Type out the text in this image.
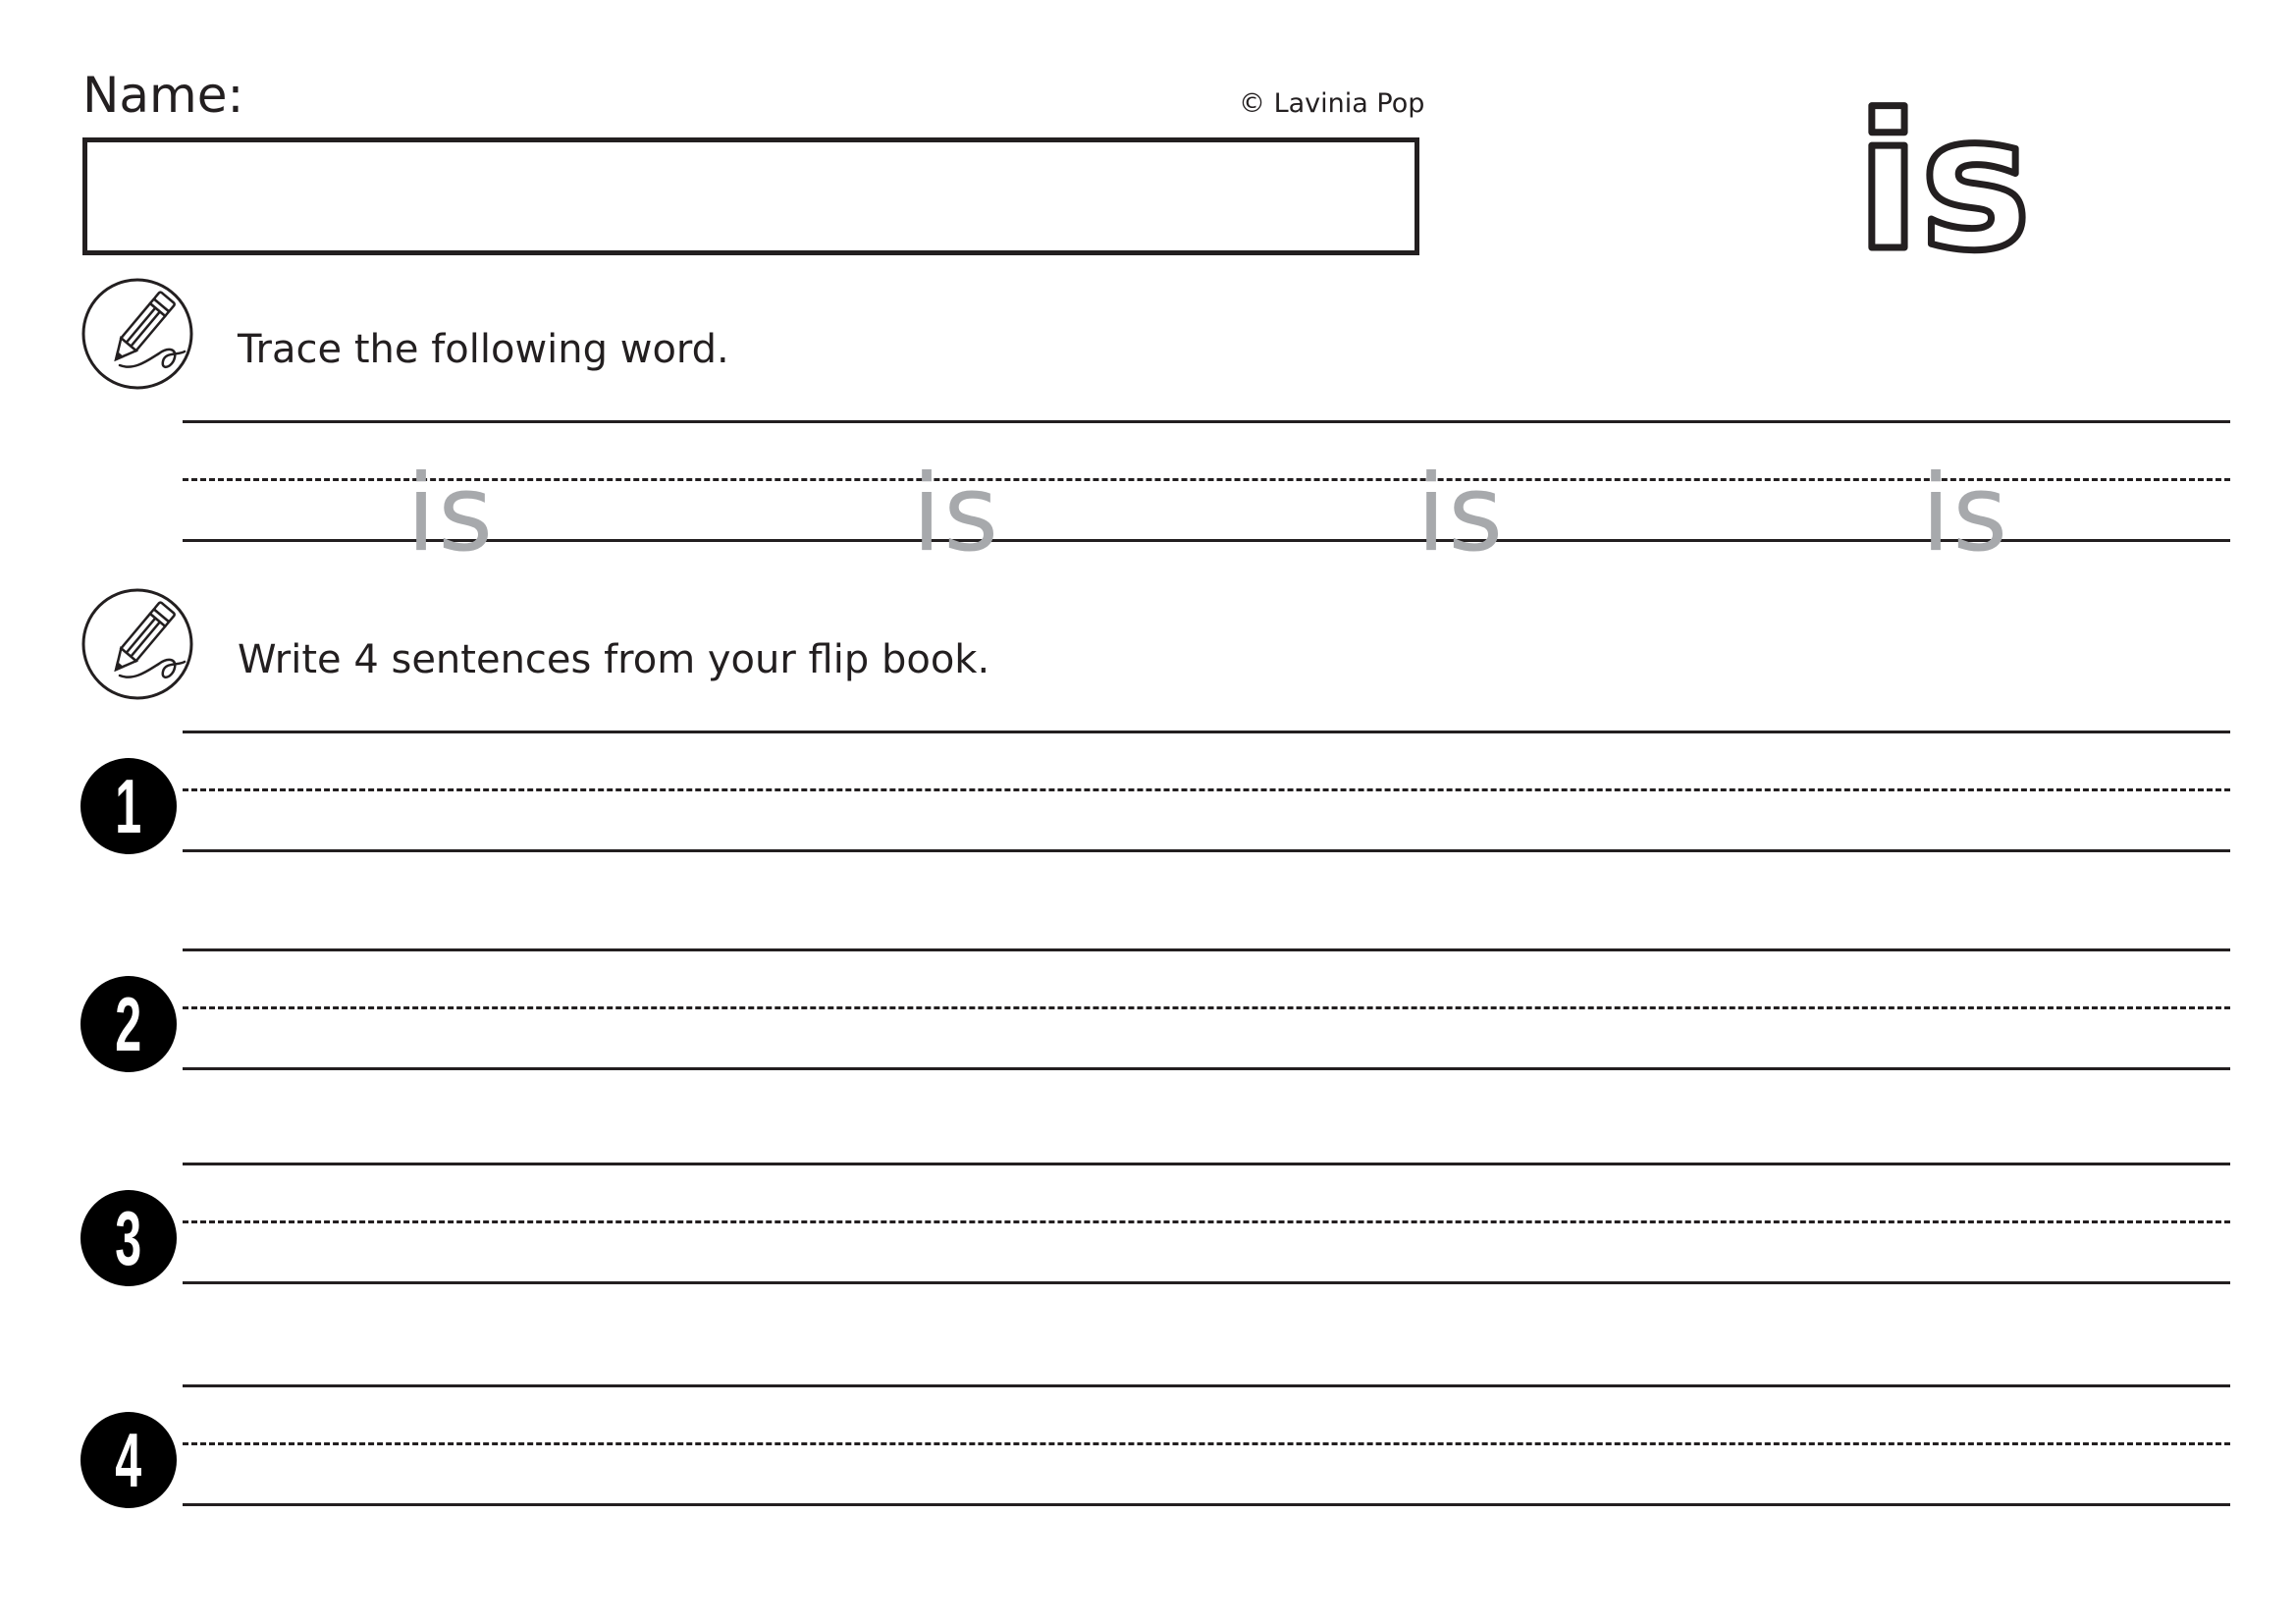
Name:	© Lavinia Pop is
Trace the following word.
is	is	is	is
Write 4 sentences from your flip book.
1
2
3
4
